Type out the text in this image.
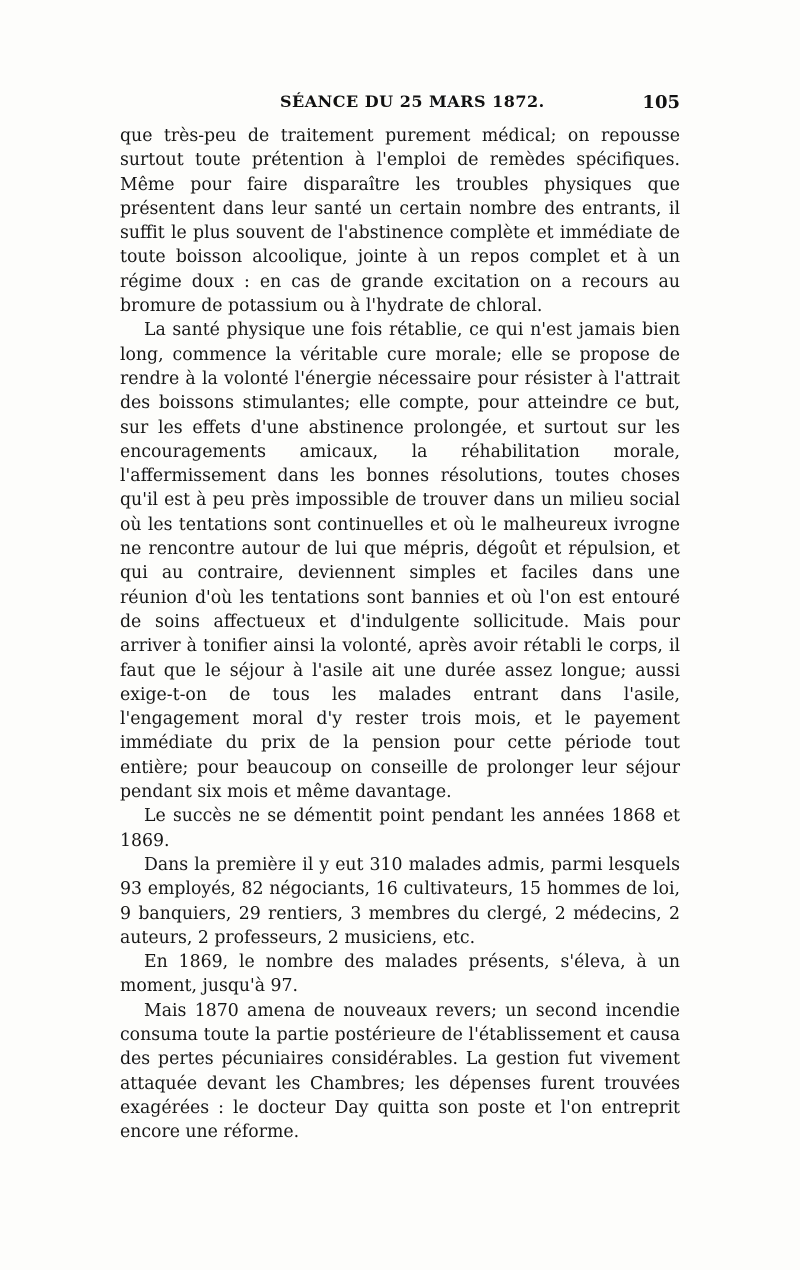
SÉANCE DU 25 MARS 1872.	105

que très-peu de traitement purement médical; on repousse surtout toute prétention à l'emploi de remèdes spécifiques. Même pour faire disparaître les troubles physiques que présentent dans leur santé un certain nombre des entrants, il suffit le plus souvent de l'abstinence complète et immédiate de toute boisson alcoolique, jointe à un repos complet et à un régime doux : en cas de grande excitation on a recours au bromure de potassium ou à l'hydrate de chloral.

La santé physique une fois rétablie, ce qui n'est jamais bien long, commence la véritable cure morale; elle se propose de rendre à la volonté l'énergie nécessaire pour résister à l'attrait des boissons stimulantes; elle compte, pour atteindre ce but, sur les effets d'une abstinence prolongée, et surtout sur les encouragements amicaux, la réhabilitation morale, l'affermissement dans les bonnes résolutions, toutes choses qu'il est à peu près impossible de trouver dans un milieu social où les tentations sont continuelles et où le malheureux ivrogne ne rencontre autour de lui que mépris, dégoût et répulsion, et qui au contraire, deviennent simples et faciles dans une réunion d'où les tentations sont bannies et où l'on est entouré de soins affectueux et d'indulgente sollicitude. Mais pour arriver à tonifier ainsi la volonté, après avoir rétabli le corps, il faut que le séjour à l'asile ait une durée assez longue; aussi exige-t-on de tous les malades entrant dans l'asile, l'engagement moral d'y rester trois mois, et le payement immédiate du prix de la pension pour cette période tout entière; pour beaucoup on conseille de prolonger leur séjour pendant six mois et même davantage.

Le succès ne se démentit point pendant les années 1868 et 1869.

Dans la première il y eut 310 malades admis, parmi lesquels 93 employés, 82 négociants, 16 cultivateurs, 15 hommes de loi, 9 banquiers, 29 rentiers, 3 membres du clergé, 2 médecins, 2 auteurs, 2 professeurs, 2 musiciens, etc.

En 1869, le nombre des malades présents, s'éleva, à un moment, jusqu'à 97.

Mais 1870 amena de nouveaux revers; un second incendie consuma toute la partie postérieure de l'établissement et causa des pertes pécuniaires considérables. La gestion fut vivement attaquée devant les Chambres; les dépenses furent trouvées exagérées : le docteur Day quitta son poste et l'on entreprit encore une réforme.
